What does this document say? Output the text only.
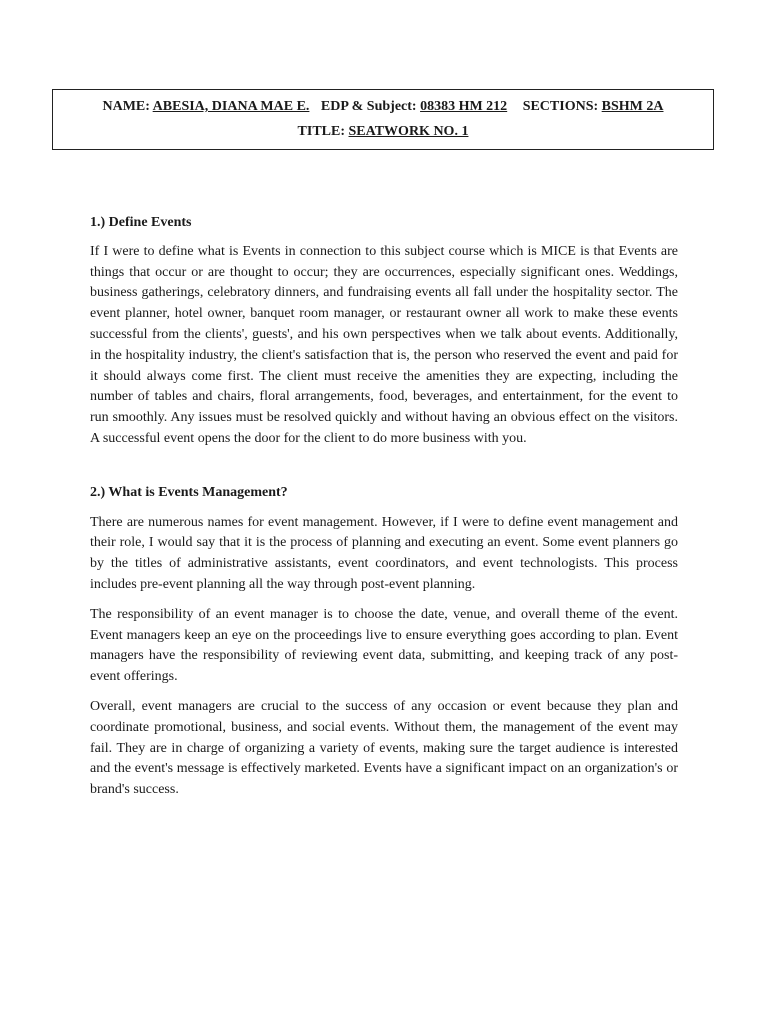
NAME: ABESIA, DIANA MAE E. EDP & Subject: 08383 HM 212 SECTIONS: BSHM 2A
TITLE: SEATWORK NO. 1

1.) Define Events

If I were to define what is Events in connection to this subject course which is MICE is that Events are things that occur or are thought to occur; they are occurrences, especially significant ones. Weddings, business gatherings, celebratory dinners, and fundraising events all fall under the hospitality sector. The event planner, hotel owner, banquet room manager, or restaurant owner all work to make these events successful from the clients', guests', and his own perspectives when we talk about events. Additionally, in the hospitality industry, the client's satisfaction that is, the person who reserved the event and paid for it should always come first. The client must receive the amenities they are expecting, including the number of tables and chairs, floral arrangements, food, beverages, and entertainment, for the event to run smoothly. Any issues must be resolved quickly and without having an obvious effect on the visitors. A successful event opens the door for the client to do more business with you.

2.) What is Events Management?

There are numerous names for event management. However, if I were to define event management and their role, I would say that it is the process of planning and executing an event. Some event planners go by the titles of administrative assistants, event coordinators, and event technologists. This process includes pre-event planning all the way through post-event planning.

The responsibility of an event manager is to choose the date, venue, and overall theme of the event. Event managers keep an eye on the proceedings live to ensure everything goes according to plan. Event managers have the responsibility of reviewing event data, submitting, and keeping track of any post-event offerings.

Overall, event managers are crucial to the success of any occasion or event because they plan and coordinate promotional, business, and social events. Without them, the management of the event may fail. They are in charge of organizing a variety of events, making sure the target audience is interested and the event's message is effectively marketed. Events have a significant impact on an organization's or brand's success.
